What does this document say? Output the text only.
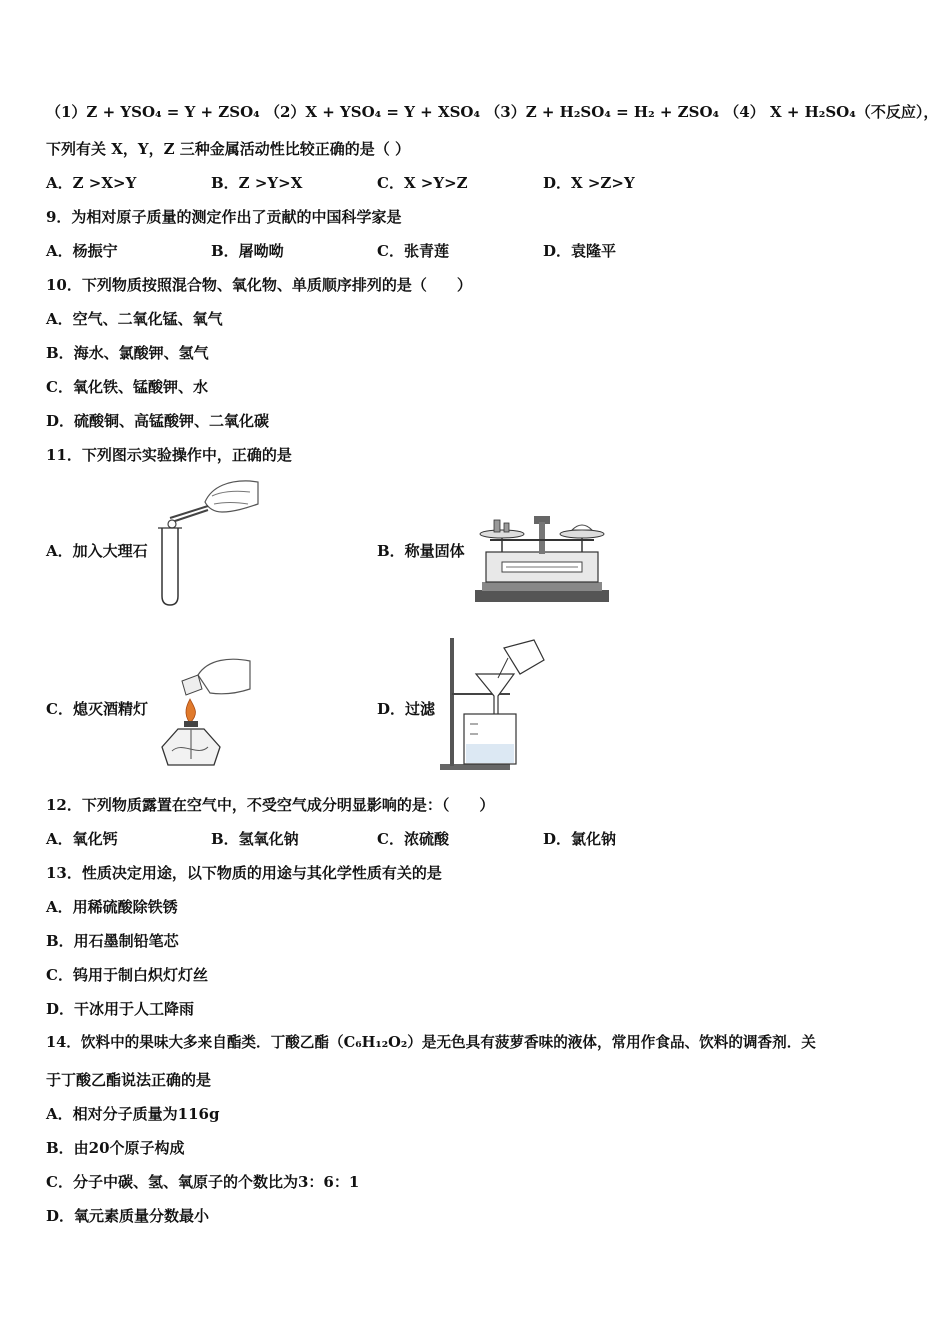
（1）Z + YSO₄ = Y + ZSO₄ （2）X + YSO₄ = Y + XSO₄ （3）Z + H₂SO₄ = H₂ + ZSO₄ （4） X + H₂SO₄（不反应），
下列有关 X，Y，Z 三种金属活动性比较正确的是（ ）
A．Z >X>Y	B．Z >Y>X	C．X >Y>Z	D．X >Z>Y
9．为相对原子质量的测定作出了贡献的中国科学家是
A．杨振宁	B．屠呦呦	C．张青莲	D．袁隆平
10．下列物质按照混合物、氧化物、单质顺序排列的是（　　）
A．空气、二氧化锰、氧气
B．海水、氯酸钾、氢气
C．氧化铁、锰酸钾、水
D．硫酸铜、高锰酸钾、二氧化碳
11．下列图示实验操作中，正确的是
A．加入大理石	B．称量固体
C．熄灭酒精灯	D．过滤
12．下列物质露置在空气中，不受空气成分明显影响的是：（　　）
A．氧化钙	B．氢氧化钠	C．浓硫酸	D．氯化钠
13．性质决定用途，以下物质的用途与其化学性质有关的是
A．用稀硫酸除铁锈
B．用石墨制铅笔芯
C．钨用于制白炽灯灯丝
D．干冰用于人工降雨
14．饮料中的果味大多来自酯类．丁酸乙酯（C₆H₁₂O₂）是无色具有菠萝香味的液体，常用作食品、饮料的调香剂．关
于丁酸乙酯说法正确的是
A．相对分子质量为116g
B．由20个原子构成
C．分子中碳、氢、氧原子的个数比为3：6：1
D．氧元素质量分数最小
